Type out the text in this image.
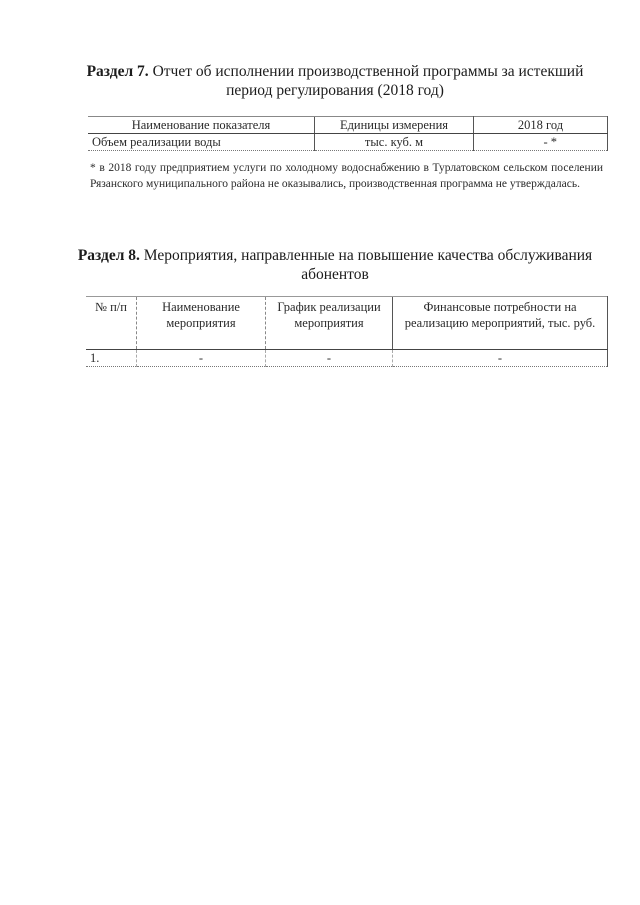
Раздел 7. Отчет об исполнении производственной программы за истекший период регулирования (2018 год)
Наименование показателя	Единицы измерения	2018 год
Объем реализации воды	тыс. куб. м	- *
* в 2018 году предприятием услуги по холодному водоснабжению в Турлатовском сельском поселении Рязанского муниципального района не оказывались, производственная программа не утверждалась.
Раздел 8. Мероприятия, направленные на повышение качества обслуживания абонентов
№ п/п	Наименование мероприятия	График реализации мероприятия	Финансовые потребности на реализацию мероприятий, тыс. руб.
1.	-	-	-
